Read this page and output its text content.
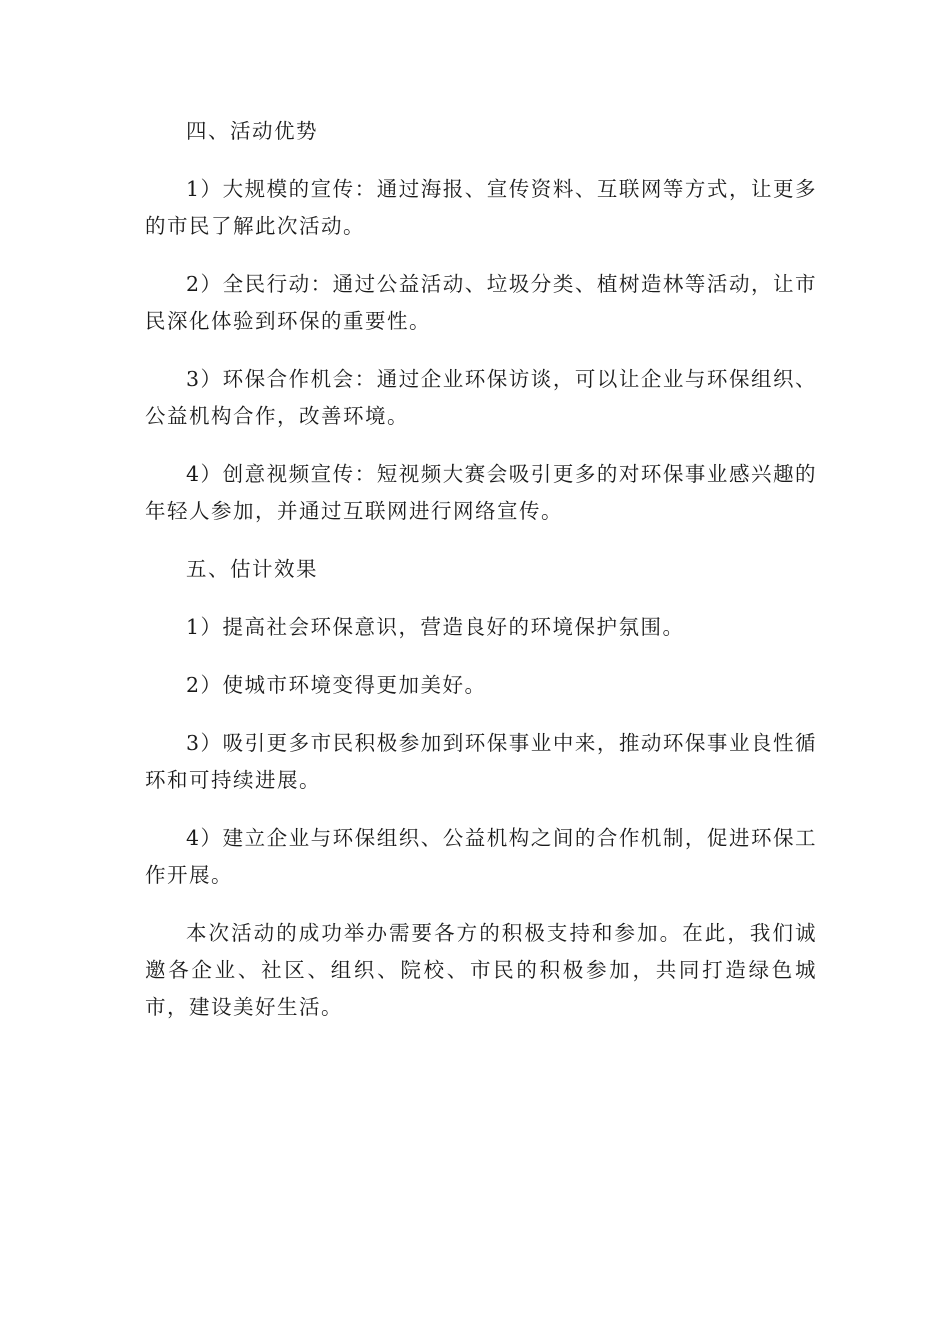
四、活动优势

1）大规模的宣传：通过海报、宣传资料、互联网等方式，让更多的市民了解此次活动。

2）全民行动：通过公益活动、垃圾分类、植树造林等活动，让市民深化体验到环保的重要性。

3）环保合作机会：通过企业环保访谈，可以让企业与环保组织、公益机构合作，改善环境。

4）创意视频宣传：短视频大赛会吸引更多的对环保事业感兴趣的年轻人参加，并通过互联网进行网络宣传。

五、估计效果

1）提高社会环保意识，营造良好的环境保护氛围。

2）使城市环境变得更加美好。

3）吸引更多市民积极参加到环保事业中来，推动环保事业良性循环和可持续进展。

4）建立企业与环保组织、公益机构之间的合作机制，促进环保工作开展。

本次活动的成功举办需要各方的积极支持和参加。在此，我们诚邀各企业、社区、组织、院校、市民的积极参加，共同打造绿色城市，建设美好生活。
